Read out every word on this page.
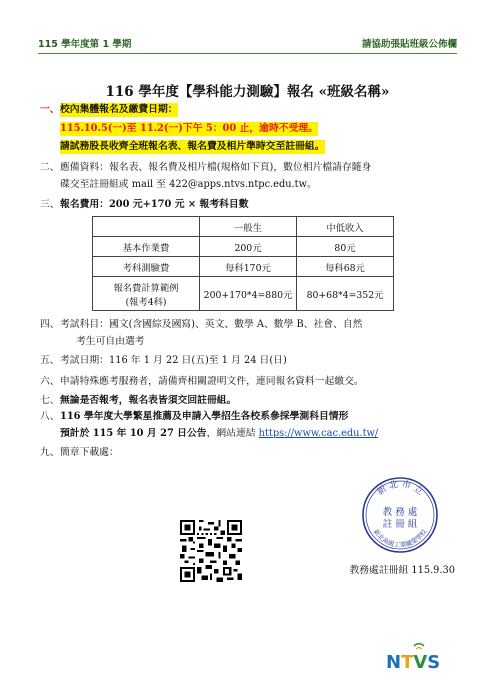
115 學年度第 1 學期	請協助張貼班級公佈欄
116 學年度【學科能力測驗】報名 «班級名稱»
一、 校內集體報名及繳費日期：
115.10.5(一)至 11.2(一)下午 5：00 止，逾時不受理。
請試務股長收齊全班報名表、報名費及相片準時交至註冊組。
二、 應備資料：報名表、報名費及相片檔(規格如下頁)，數位相片檔請存隨身
碟交至註冊組或 mail 至 422@apps.ntvs.ntpc.edu.tw。
三、 報名費用：200 元+170 元 × 報考科目數
	一般生	中低收入
基本作業費	200元	80元
考科測驗費	每科170元	每科68元

報名費計算範例
(報考4科)	200+170*4=880元	80+68*4=352元
四、 考試科目：國文(含國綜及國寫)、英文、數學 A、數學 B、社會、自然
考生可自由選考
五、 考試日期：116 年 1 月 22 日(五)至 1 月 24 日(日)
六、 申請特殊應考服務者，請備齊相關證明文件，連同報名資料一起繳交。
七、 無論是否報考，報名表皆須交回註冊組。
八、 116 學年度大學繁星推薦及申請入學招生各校系參採學測科目情形
預計於 115 年 10 月 27 日公告，網站連結 https://www.cac.edu.tw/
九、 簡章下載處：
新 北 市 立
教 務 處
註 冊 組
新北高級工業職業學校
教務處註冊組 115.9.30
NTVS
